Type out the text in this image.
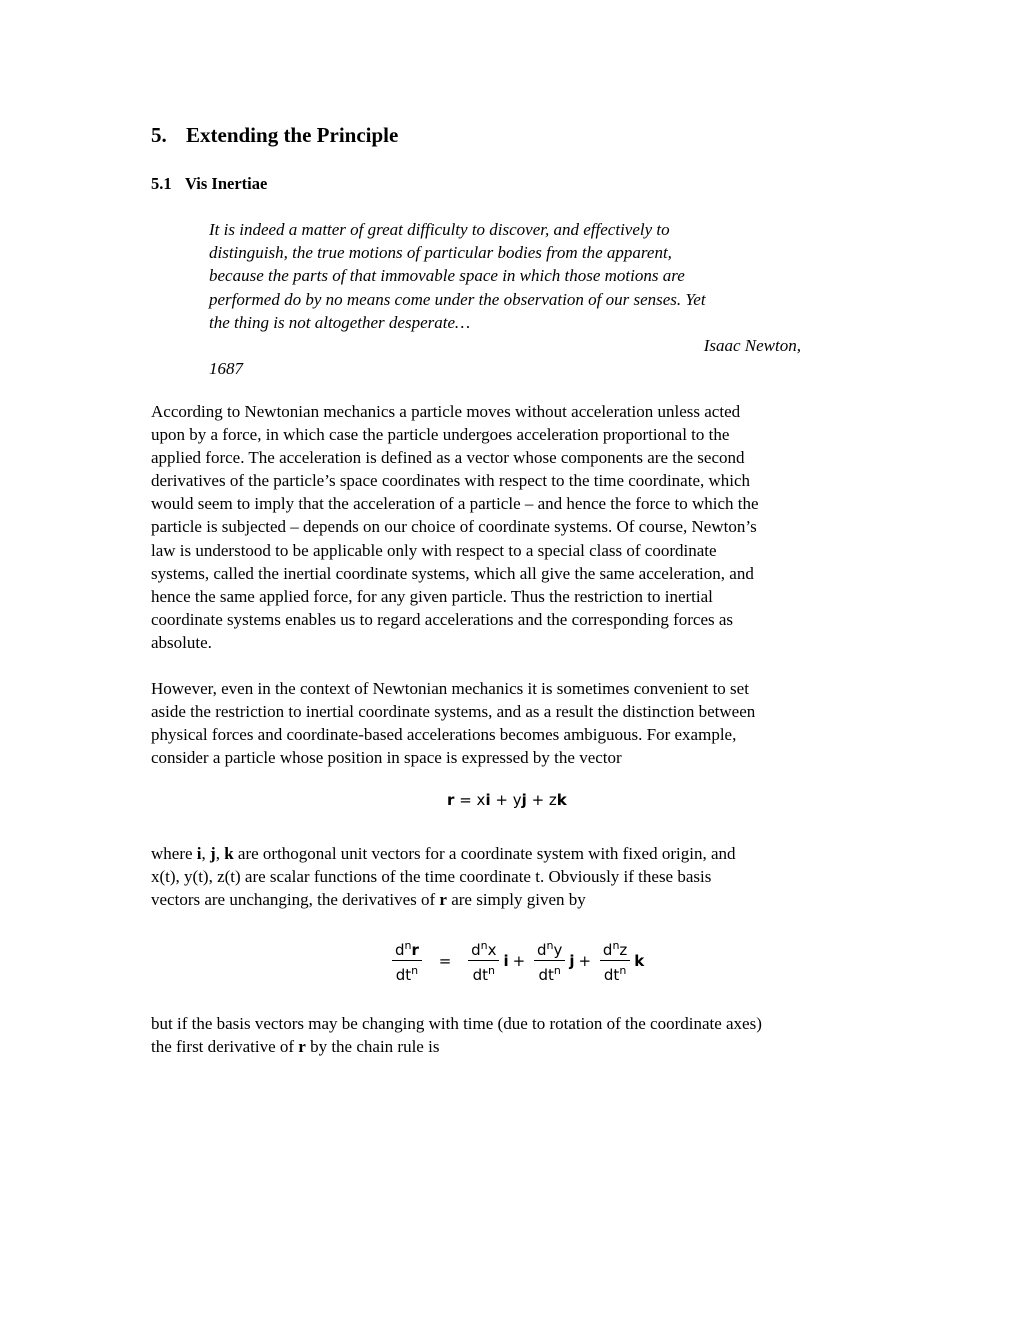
5. Extending the Principle
5.1 Vis Inertiae
It is indeed a matter of great difficulty to discover, and effectively to
distinguish, the true motions of particular bodies from the apparent,
because the parts of that immovable space in which those motions are
performed do by no means come under the observation of our senses. Yet
the thing is not altogether desperate…
Isaac Newton,
1687
According to Newtonian mechanics a particle moves without acceleration unless acted
upon by a force, in which case the particle undergoes acceleration proportional to the
applied force. The acceleration is defined as a vector whose components are the second
derivatives of the particle’s space coordinates with respect to the time coordinate, which
would seem to imply that the acceleration of a particle – and hence the force to which the
particle is subjected – depends on our choice of coordinate systems. Of course, Newton’s
law is understood to be applicable only with respect to a special class of coordinate
systems, called the inertial coordinate systems, which all give the same acceleration, and
hence the same applied force, for any given particle. Thus the restriction to inertial
coordinate systems enables us to regard accelerations and the corresponding forces as
absolute.
However, even in the context of Newtonian mechanics it is sometimes convenient to set
aside the restriction to inertial coordinate systems, and as a result the distinction between
physical forces and coordinate-based accelerations becomes ambiguous. For example,
consider a particle whose position in space is expressed by the vector
r = xi + yj + zk
where i, j, k are orthogonal unit vectors for a coordinate system with fixed origin, and
x(t), y(t), z(t) are scalar functions of the time coordinate t. Obviously if these basis
vectors are unchanging, the derivatives of r are simply given by
$\frac{d^nr}{dt^n} = \frac{d^nx}{dt^n}$ $i + \frac{d^ny}{dt^n}$ $j + \frac{d^nz}{dt^n}$ k
but if the basis vectors may be changing with time (due to rotation of the coordinate axes)
the first derivative of r by the chain rule is
